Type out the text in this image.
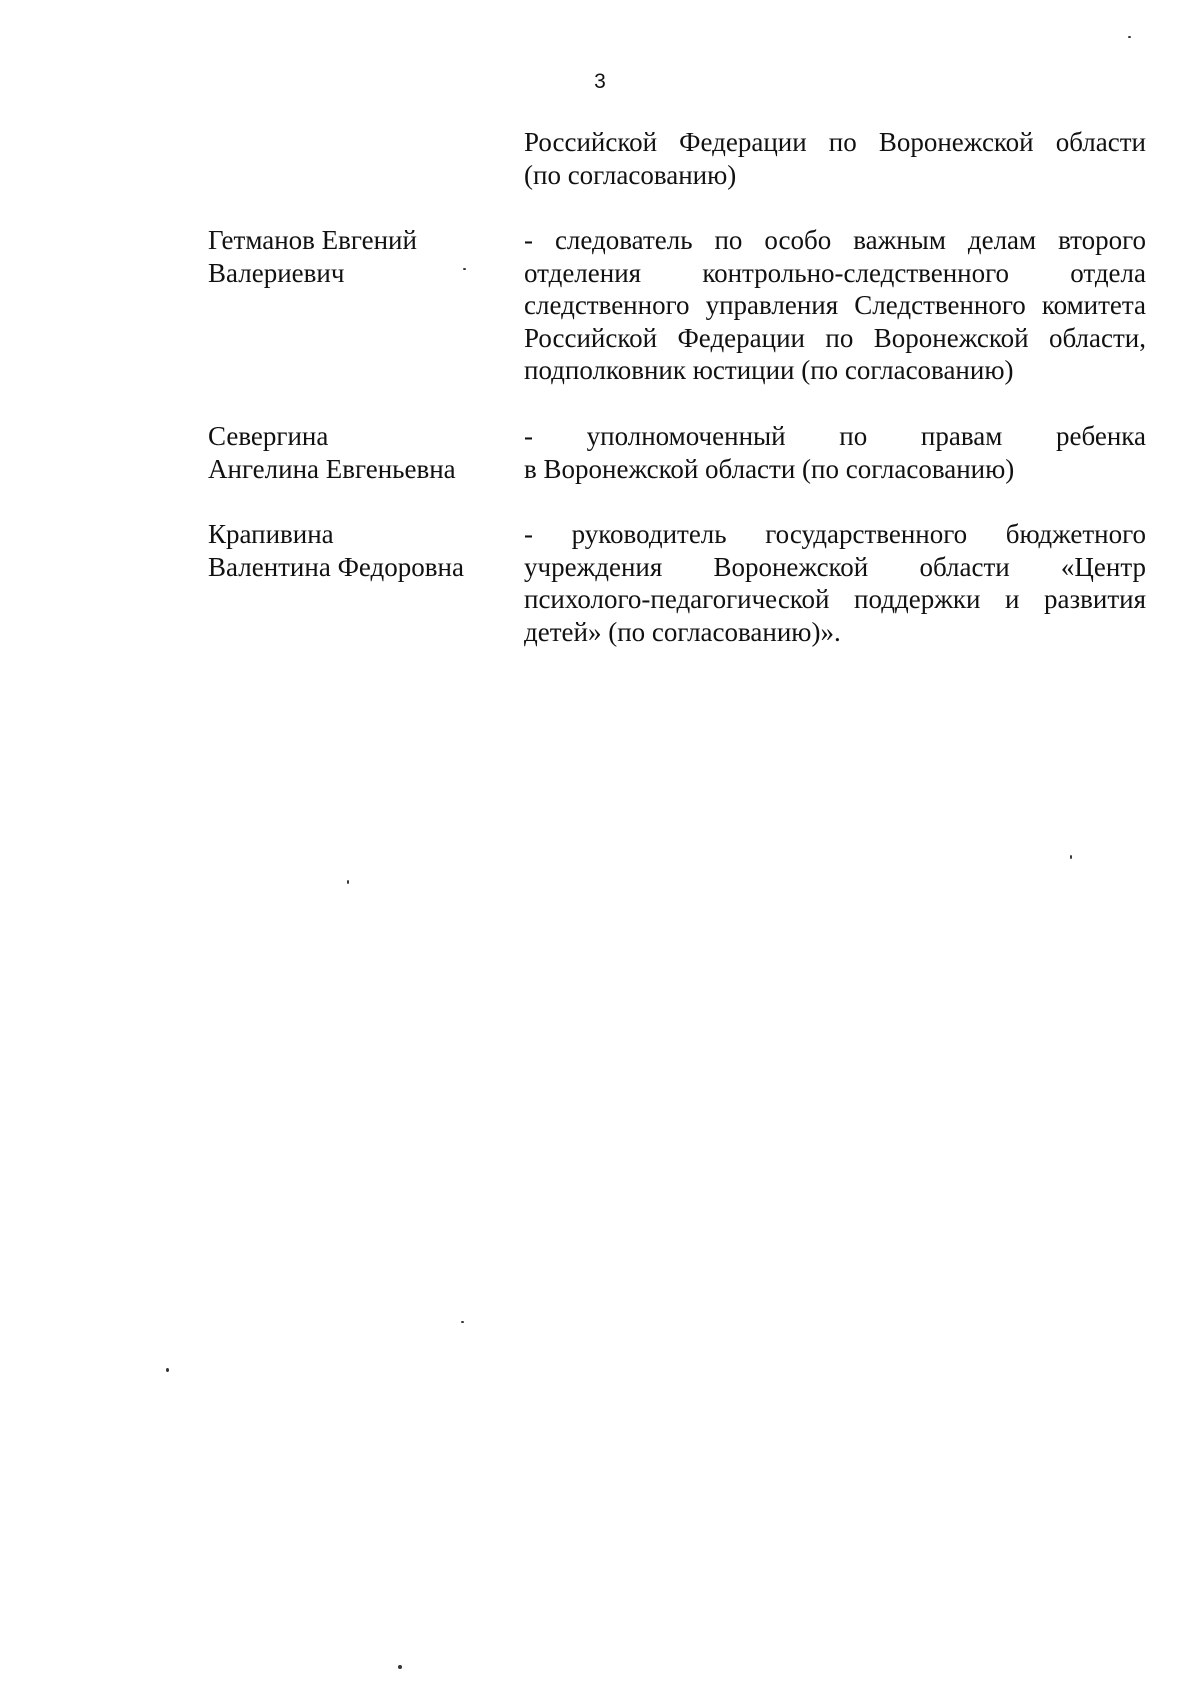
3
Российской Федерации по Воронежской области
(по согласованию)
Гетманов Евгений
Валериевич
- следователь по особо важным делам второго
отделения контрольно-следственного отдела
следственного управления Следственного комитета
Российской Федерации по Воронежской области,
подполковник юстиции (по согласованию)
Севергина
Ангелина Евгеньевна
- уполномоченный по правам ребенка
в Воронежской области (по согласованию)
Крапивина
Валентина Федоровна
- руководитель государственного бюджетного
учреждения Воронежской области «Центр
психолого-педагогической поддержки и развития
детей» (по согласованию)».
